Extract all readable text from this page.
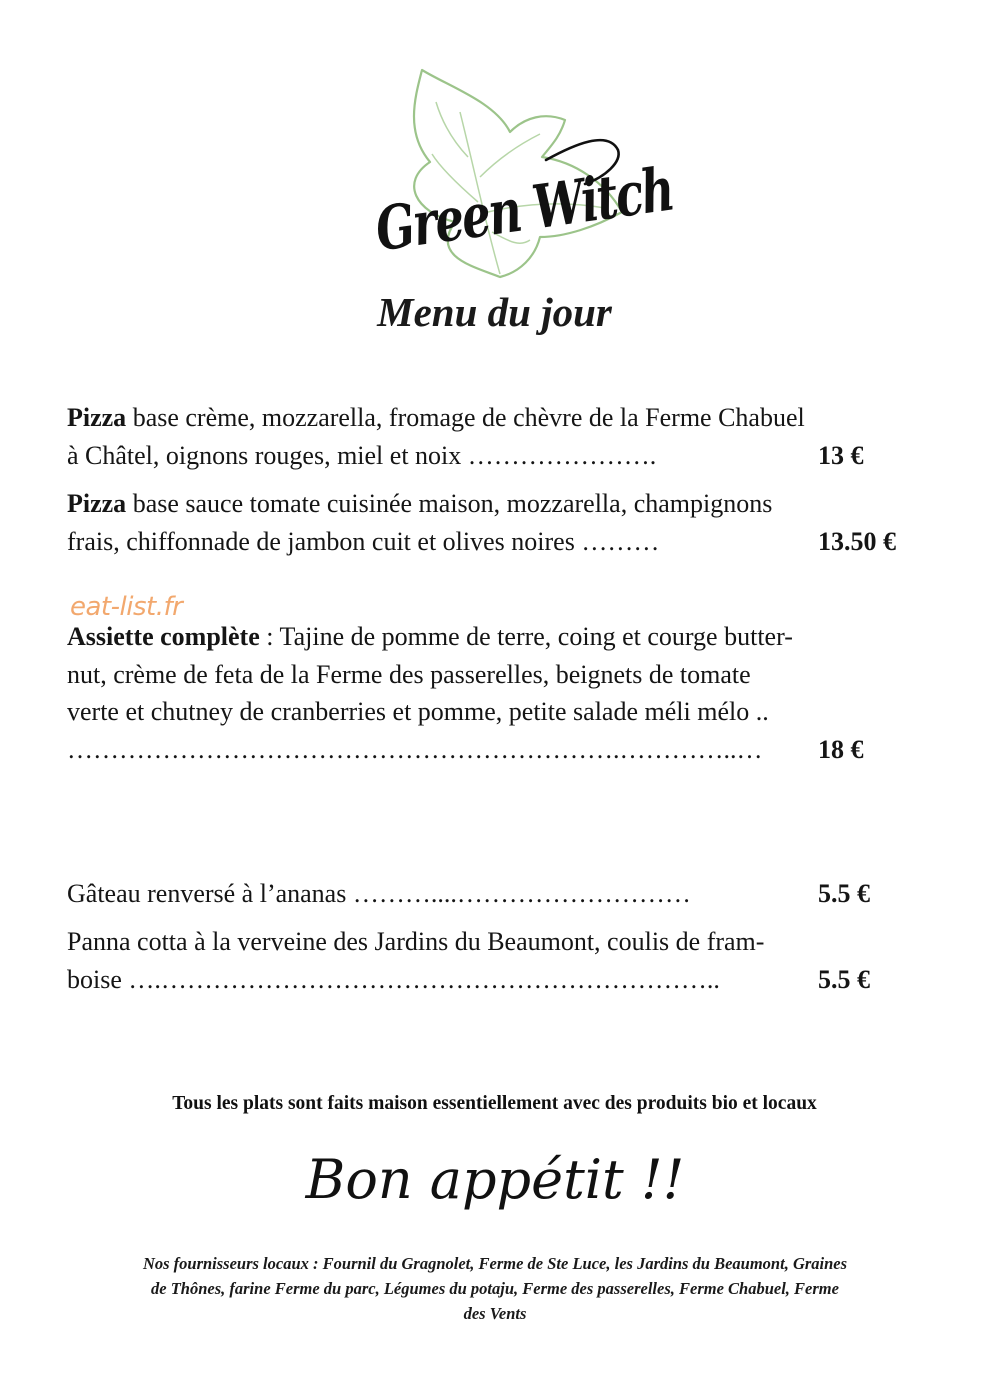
Green Witch
Menu du jour
Pizza base crème, mozzarella, fromage de chèvre de la Ferme Chabuel
à Châtel, oignons rouges, miel et noix ………………….	13 €
Pizza base sauce tomate cuisinée maison, mozzarella, champignons
frais, chiffonnade de jambon cuit et olives noires ………	13.50 €
eat-list.fr
Assiette complète : Tajine de pomme de terre, coing et courge butter-
nut, crème de feta de la Ferme des passerelles, beignets de tomate
verte et chutney de cranberries et pomme, petite salade méli mélo ..
……………………………………………………….…………..… 18 €
Gâteau renversé à l’ananas ………....………………………	5.5 €
Panna cotta à la verveine des Jardins du Beaumont, coulis de fram-
boise ….………………………………………………………..	5.5 €
Tous les plats sont faits maison essentiellement avec des produits bio et locaux
Bon appétit !!
Nos fournisseurs locaux : Fournil du Gragnolet, Ferme de Ste Luce, les Jardins du Beaumont, Graines
de Thônes, farine Ferme du parc, Légumes du potaju, Ferme des passerelles, Ferme Chabuel, Ferme
des Vents
